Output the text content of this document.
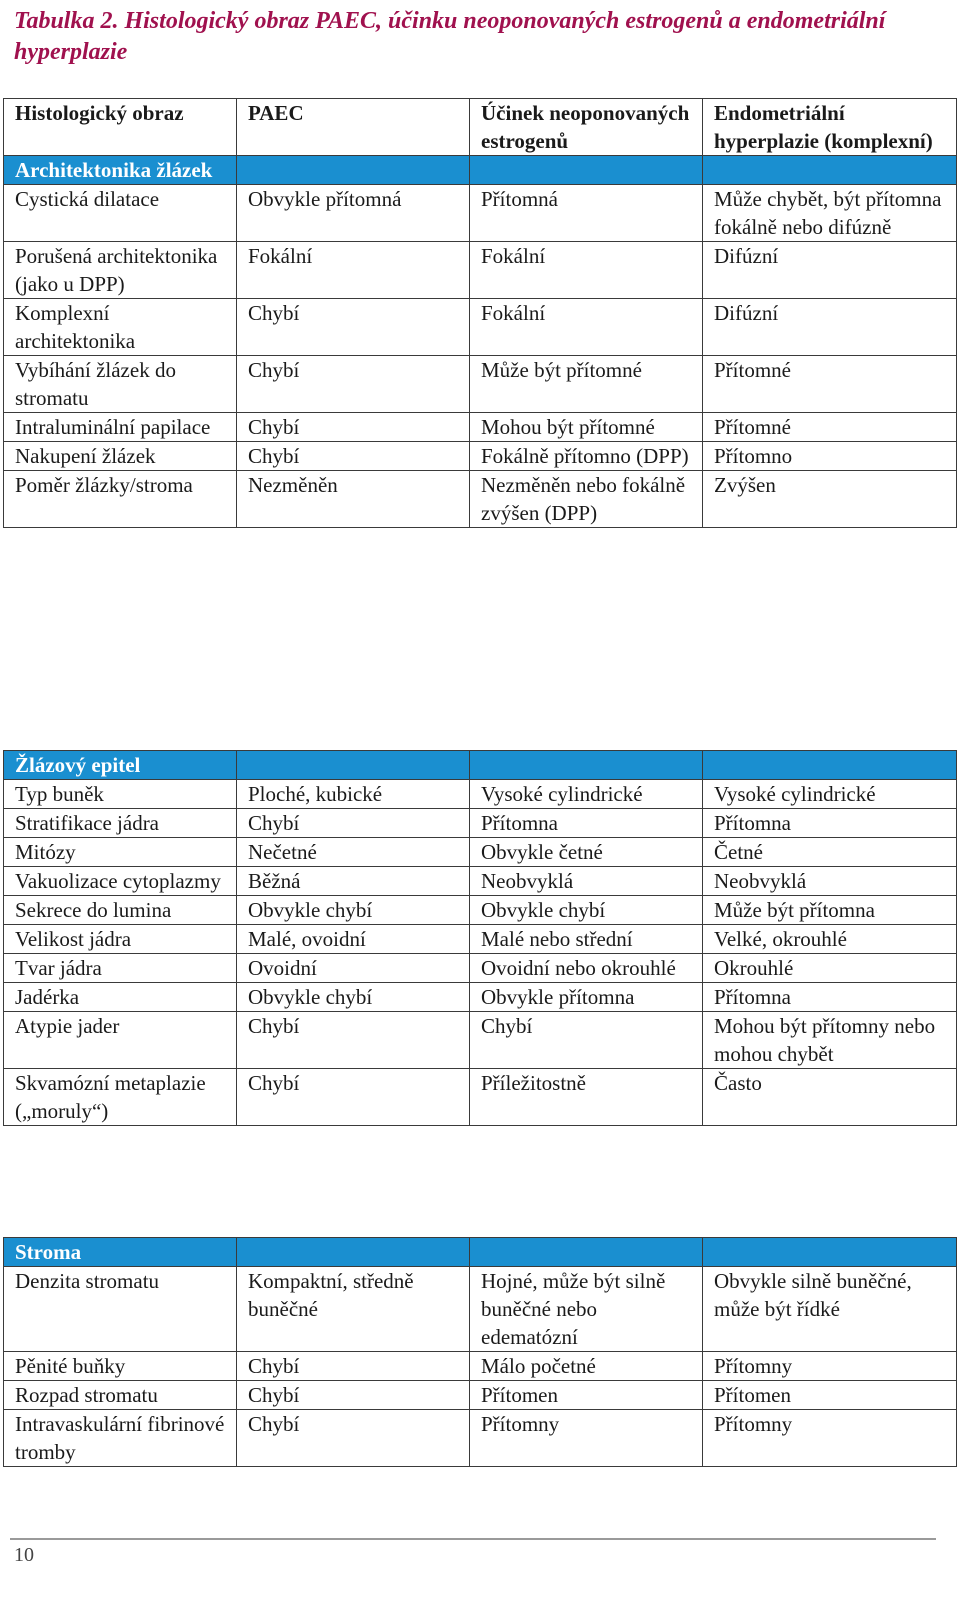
Tabulka 2. Histologický obraz PAEC, účinku neoponovaných estrogenů a endometriální hyperplazie

Histologický obraz	PAEC	Účinek neoponovaných estrogenů	Endometriální hyperplazie (komplexní)
Architektonika žlázek			
Cystická dilatace	Obvykle přítomná	Přítomná	Může chybět, být přítomna fokálně nebo difúzně
Porušená architektonika (jako u DPP)	Fokální	Fokální	Difúzní
Komplexní architektonika	Chybí	Fokální	Difúzní
Vybíhání žlázek do stromatu	Chybí	Může být přítomné	Přítomné
Intraluminální papilace	Chybí	Mohou být přítomné	Přítomné
Nakupení žlázek	Chybí	Fokálně přítomno (DPP)	Přítomno
Poměr žlázky/stroma	Nezměněn	Nezměněn nebo fokálně zvýšen (DPP)	Zvýšen
Žlázový epitel			
Typ buněk	Ploché, kubické	Vysoké cylindrické	Vysoké cylindrické
Stratifikace jádra	Chybí	Přítomna	Přítomna
Mitózy	Nečetné	Obvykle četné	Četné
Vakuolizace cytoplazmy	Běžná	Neobvyklá	Neobvyklá
Sekrece do lumina	Obvykle chybí	Obvykle chybí	Může být přítomna
Velikost jádra	Malé, ovoidní	Malé nebo střední	Velké, okrouhlé
Tvar jádra	Ovoidní	Ovoidní nebo okrouhlé	Okrouhlé
Jadérka	Obvykle chybí	Obvykle přítomna	Přítomna
Atypie jader	Chybí	Chybí	Mohou být přítomny nebo mohou chybět
Skvamózní metaplazie („moruly“)	Chybí	Příležitostně	Často
Stroma			
Denzita stromatu	Kompaktní, středně buněčné	Hojné, může být silně buněčné nebo edematózní	Obvykle silně buněčné, může být řídké
Pěnité buňky	Chybí	Málo početné	Přítomny
Rozpad stromatu	Chybí	Přítomen	Přítomen
Intravaskulární fibrinové tromby	Chybí	Přítomny	Přítomny
10
